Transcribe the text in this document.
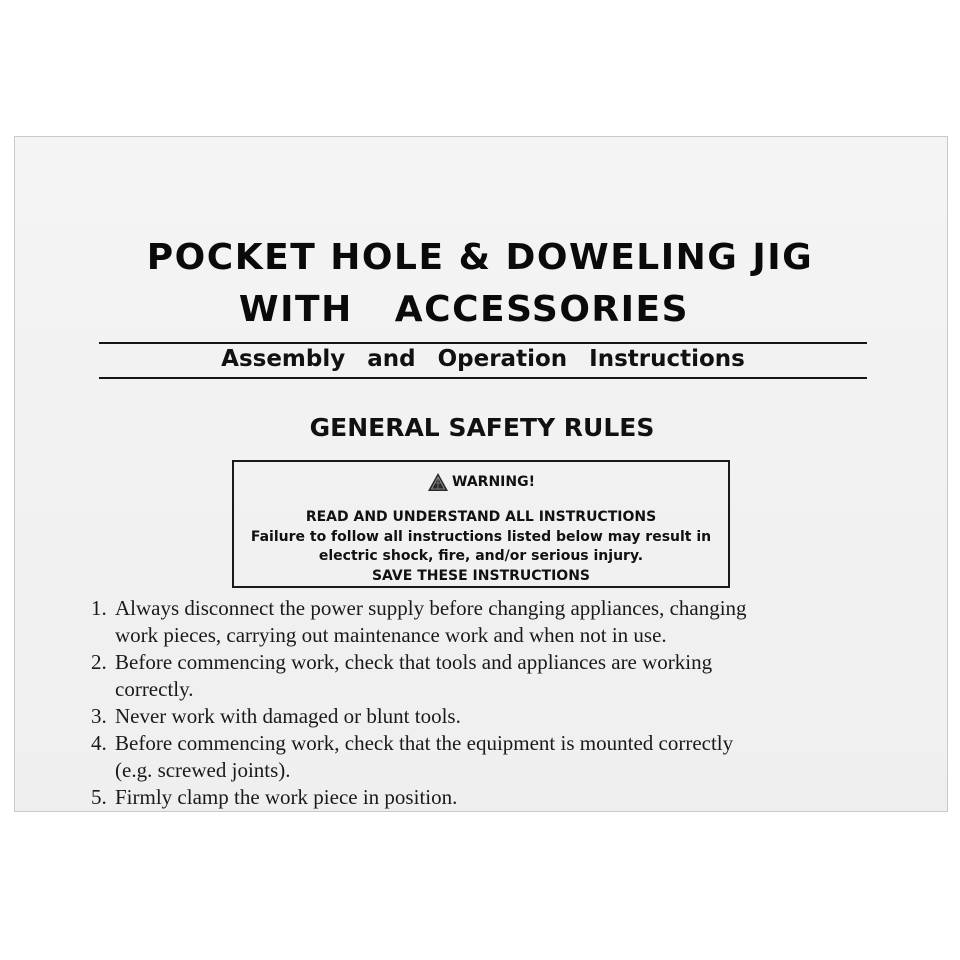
POCKET HOLE & DOWELING JIG
WITH   ACCESSORIES
Assembly and Operation Instructions
GENERAL SAFETY RULES
WARNING!
READ AND UNDERSTAND ALL INSTRUCTIONS
Failure to follow all instructions listed below may result in
electric shock, fire, and/or serious injury.
SAVE THESE INSTRUCTIONS
1. Always disconnect the power supply before changing appliances, changing
work pieces, carrying out maintenance work and when not in use.
2. Before commencing work, check that tools and appliances are working
correctly.
3. Never work with damaged or blunt tools.
4. Before commencing work, check that the equipment is mounted correctly
(e.g. screwed joints).
5. Firmly clamp the work piece in position.
